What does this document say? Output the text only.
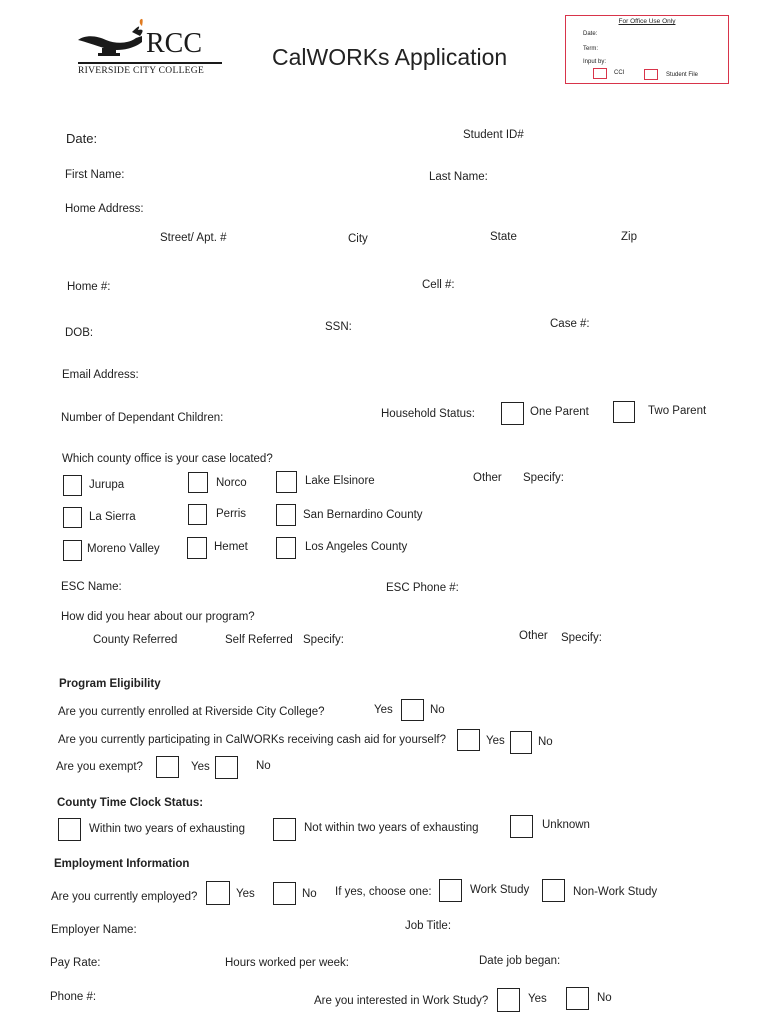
RCC
RIVERSIDE CITY COLLEGE
CalWORKs Application
For Office Use Only
Date:
Term:
Input by:
CCI	Student File
Date:	Student ID#
First Name:	Last Name:
Home Address:
Street/ Apt. #	City	State	Zip
Home #:	Cell #:
DOB:	SSN:	Case #:
Email Address:
Number of Dependant Children:	Household Status:	One Parent	Two Parent
Which county office is your case located?
Jurupa	Norco	Lake Elsinore	Other Specify:
La Sierra	Perris	San Bernardino County
Moreno Valley	Hemet	Los Angeles County
ESC Name:	ESC Phone #:
How did you hear about our program?
County Referred	Self Referred Specify:	Other Specify:
Program Eligibility
Are you currently enrolled at Riverside City College?	Yes	No
Are you currently participating in CalWORKs receiving cash aid for yourself?	Yes	No
Are you exempt?	Yes	No
County Time Clock Status:
Within two years of exhausting	Not within two years of exhausting	Unknown
Employment Information
Are you currently employed?	Yes	No If yes, choose one:	Work Study	Non-Work Study
Employer Name:	Job Title:
Pay Rate:	Hours worked per week:	Date job began:
Phone #:	Are you interested in Work Study?	Yes	No
